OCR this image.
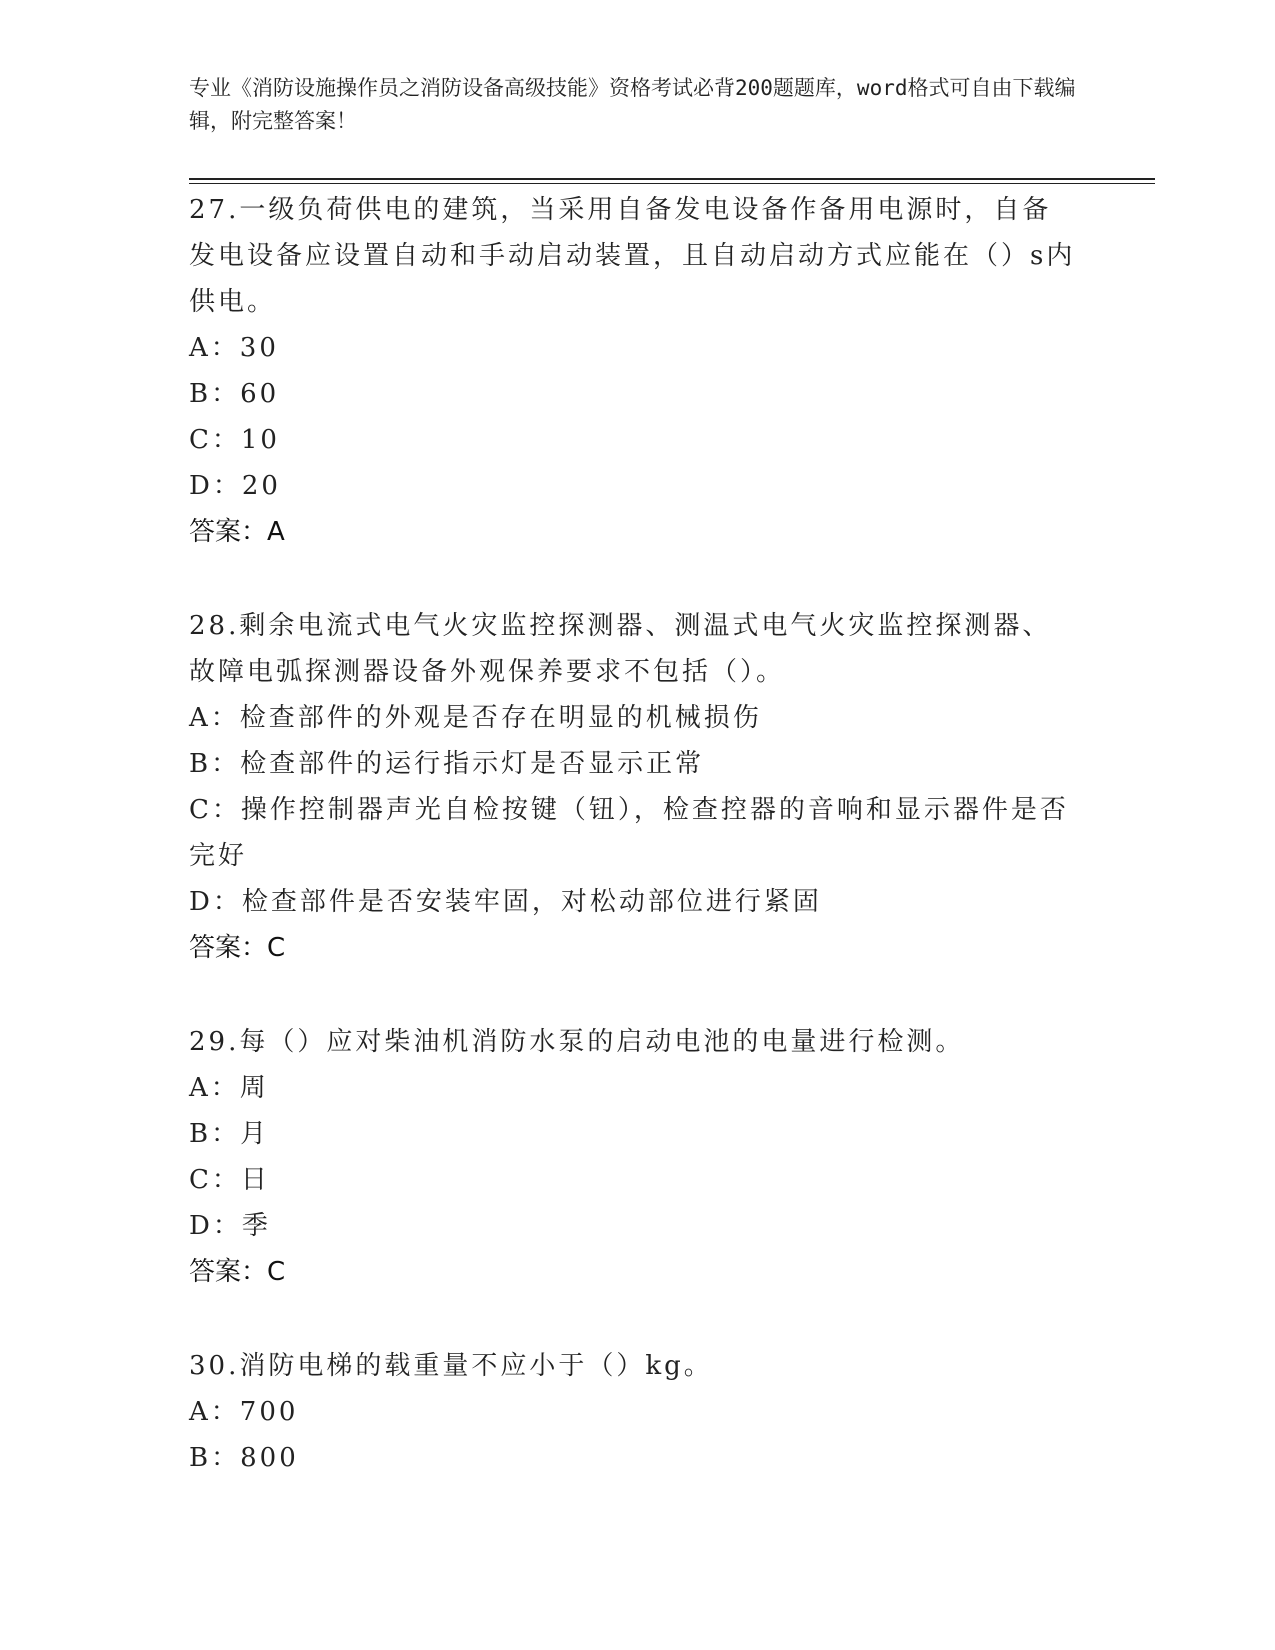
专业《消防设施操作员之消防设备高级技能》资格考试必背200题题库，word格式可自由下载编辑，附完整答案！
27.一级负荷供电的建筑，当采用自备发电设备作备用电源时，自备发电设备应设置自动和手动启动装置，且自动启动方式应能在（）s内供电。
A：30
B：60
C：10
D：20
答案：A
28.剩余电流式电气火灾监控探测器、测温式电气火灾监控探测器、故障电弧探测器设备外观保养要求不包括（）。
A：检查部件的外观是否存在明显的机械损伤
B：检查部件的运行指示灯是否显示正常
C：操作控制器声光自检按键（钮），检查控器的音响和显示器件是否完好
D：检查部件是否安装牢固，对松动部位进行紧固
答案：C
29.每（）应对柴油机消防水泵的启动电池的电量进行检测。
A：周
B：月
C：日
D：季
答案：C
30.消防电梯的载重量不应小于（）kg。
A：700
B：800
